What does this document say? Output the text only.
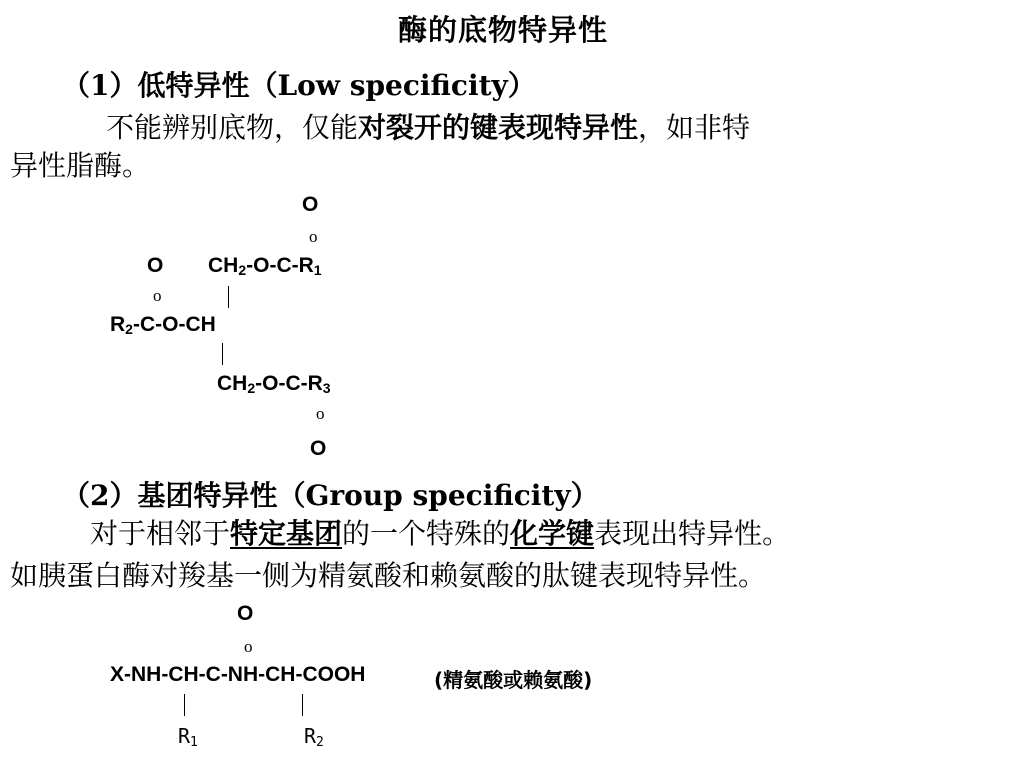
酶的底物特异性
（1）低特异性（Low specificity）
不能辨别底物，仅能对裂开的键表现特异性，如非特
异性脂酶。
O
o
O $CH_2-O-C-R_1$
o
$R_2-C-O-CH$
$CH_2-O-C-R_3$
o
O
（2）基团特异性（Group specificity）
对于相邻于特定基团的一个特殊的化学键表现出特异性。
如胰蛋白酶对羧基一侧为精氨酸和赖氨酸的肽键表现特异性。
O
o
X-NH-CH-C-NH-CH-COOH	(精氨酸或赖氨酸)
$R_1$	$R_2$
